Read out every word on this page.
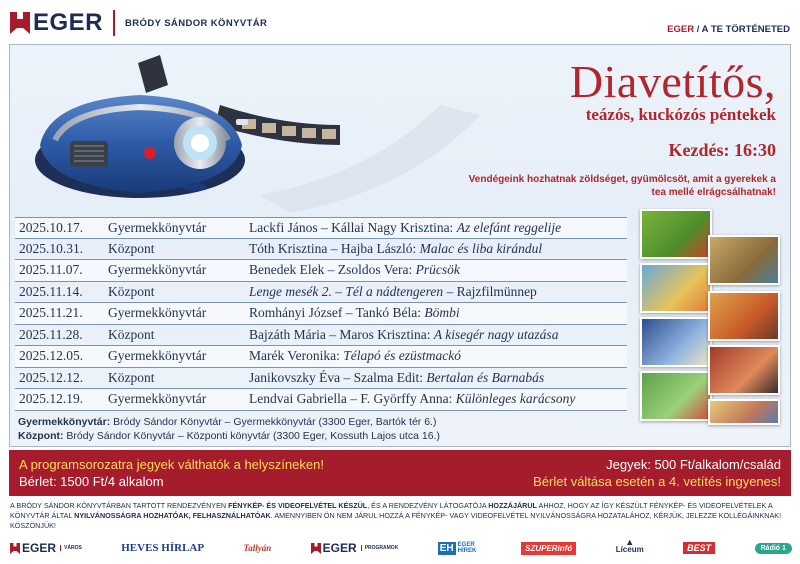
EGER BRÓDY SÁNDOR KÖNYVTÁR
EGER / A TE TÖRTÉNETED
Diavetítős,
teázós, kuckózós péntekek
Kezdés: 16:30
Vendégeink hozhatnak zöldséget, gyümölcsöt, amit a gyerekek a tea mellé elrágcsálhatnak!
2025.10.17.	Gyermekkönyvtár	Lackfi János – Kállai Nagy Krisztina: Az elefánt reggelije
2025.10.31.	Központ	Tóth Krisztina – Hajba László: Malac és liba kirándul
2025.11.07.	Gyermekkönyvtár	Benedek Elek – Zsoldos Vera: Prücsök
2025.11.14.	Központ	Lenge mesék 2. – Tél a nádtengeren – Rajzfilmünnep
2025.11.21.	Gyermekkönyvtár	Romhányi József – Tankó Béla: Bömbi
2025.11.28.	Központ	Bajzáth Mária – Maros Krisztina: A kisegér nagy utazása
2025.12.05.	Gyermekkönyvtár	Marék Veronika: Télapó és ezüstmackó
2025.12.12.	Központ	Janikovszky Éva – Szalma Edit: Bertalan és Barnabás
2025.12.19.	Gyermekkönyvtár	Lendvai Gabriella – F. Györffy Anna: Különleges karácsony
Gyermekkönyvtár: Bródy Sándor Könyvtár – Gyermekkönyvtár (3300 Eger, Bartók tér 6.)
Központ: Bródy Sándor Könyvtár – Központi könyvtár (3300 Eger, Kossuth Lajos utca 16.)
A programsorozatra jegyek válthatók a helyszíneken!
Bérlet: 1500 Ft/4 alkalom
Jegyek: 500 Ft/alkalom/család
Bérlet váltása esetén a 4. vetítés ingyenes!
A BRÓDY SÁNDOR KÖNYVTÁRBAN TARTOTT RENDEZVÉNYEN FÉNYKÉP- ÉS VIDEOFELVÉTEL KÉSZÜL, ÉS A RENDEZVÉNY LÁTOGATÓJA HOZZÁJÁRUL AHHOZ, HOGY AZ ÍGY KÉSZÜLT FÉNYKÉP- ÉS VIDEOFELVÉTELEK A KÖNYVTÁR ÁLTAL NYILVÁNOSSÁGRA HOZHATÓAK, FELHASZNÁLHATÓAK. AMENNYIBEN ÖN NEM JÁRUL HOZZÁ A FÉNYKÉP- VAGY VIDEOFELVÉTEL NYILVÁNOSSÁGRA HOZATALÁHOZ, KÉRJÜK, JELEZZE KOLLÉGÁINKNAK! KÖSZÖNJÜK!
EGER	VÁROS	HEVES HÍRLAP	Tallyán	EGER	PROGRAMOK	EH EGER HÍREK	SZUPERinfó
▲
Líceum	BEST	Rádió 1
